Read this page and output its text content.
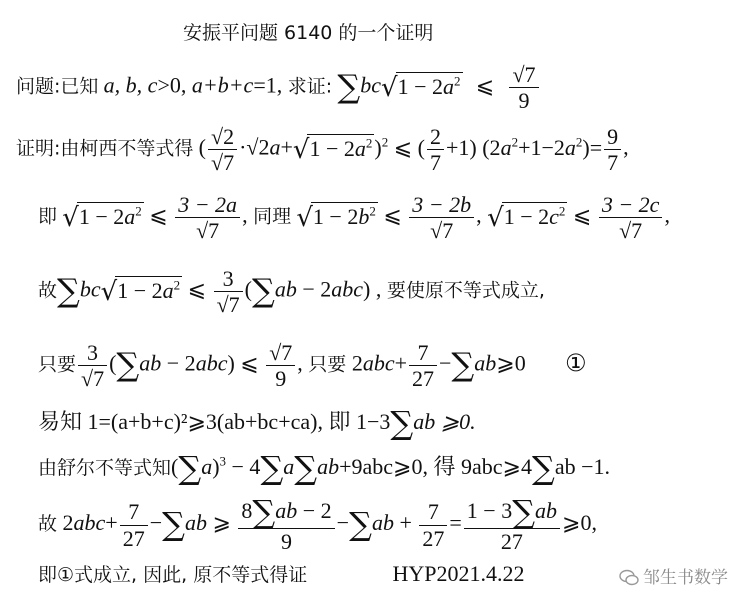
安振平问题 6140 的一个证明
问题:已知 a, b, c>0, a+b+c=1, 求证: $\sum bc√1 - 2a^2$ ⩽ $\frac{√7}{9}$
证明:由柯西不等式得 ( $\frac{√2}{√7} \cdot√2a+√1 - 2a^2)^2$ ⩽ ( $\frac{2}{7} +1$) $(2a^2+1-2a^2)= \frac{9}{7}$ ,
即 $√1 - 2a^2$ ⩽ $\frac{3 - 2a}{√7}$ , 同理 $√1 - 2b^2$ ⩽ $\frac{3 - 2b}{√7}$ , $√1 - 2c^2$ ⩽ $\frac{3 - 2c}{√7}$ ,
故$\sum bc√1 - 2a^2$ ⩽ $\frac{3}{√7} (\sum ab - 2abc)$ , 要使原不等式成立,
只要 $\frac{3}{√7} (\sum ab - 2abc)$ ⩽ $\frac{√7}{9}$ , 只要 $2abc+ \frac{7}{27}$ −∑ab⩾0 ①
易知 1=(a+b+c)²⩾3(ab+bc+ca), 即 1−3∑ab ⩾0.
由舒尔不等式知$(\sum a)^3$ − 4∑a∑ab+9abc⩾0, 得 9abc⩾4∑ab −1.
故 $2abc+ \frac{7}{27} -\sum ab$ ⩾ $\frac{8\sum ab - 2}{9} -\sum ab + \frac{7}{27} = \frac{1 - 3\sum ab}{27}$ ⩾0,
即①式成立, 因此, 原不等式得证	HYP2021.4.22	邹生书数学
